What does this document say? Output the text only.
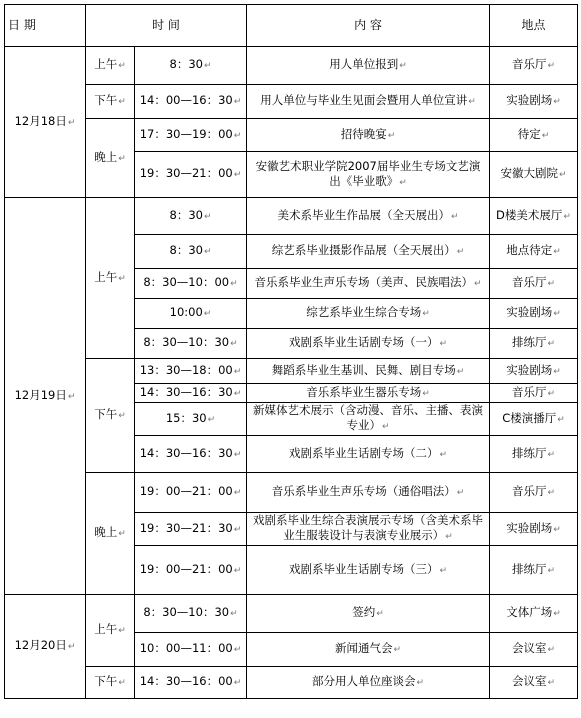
日 期	时 间		内 容	地点
12月18日↵	上午↵	8：30↵	用人单位报到↵	音乐厅↵
	下午↵	14：00—16：30↵	用人单位与毕业生见面会暨用人单位宣讲↵	实验剧场↵
	晚上↵	17：30—19：00↵	招待晚宴↵	待定↵
		19：30—21：00↵	安徽艺术职业学院2007届毕业生专场文艺演出《毕业歌》↵	安徽大剧院↵
12月19日↵	上午↵	8：30↵	美术系毕业生作品展（全天展出）↵	D楼美术展厅↵
		8：30↵	综艺系毕业摄影作品展（全天展出）↵	地点待定↵
		8：30—10：00↵	音乐系毕业生声乐专场（美声、民族唱法）↵	音乐厅↵
		10:00↵	综艺系毕业生综合专场↵	实验剧场↵
		8：30—10：30↵	戏剧系毕业生话剧专场（一）↵	排练厅↵
	下午↵	13：30—18：00↵	舞蹈系毕业生基训、民舞、剧目专场↵	实验剧场↵
		14：30—16：30↵	音乐系毕业生器乐专场↵	音乐厅↵
		15：30↵	新媒体艺术展示（含动漫、音乐、主播、表演专业）↵	C楼演播厅↵
		14：30—16：30↵	戏剧系毕业生话剧专场（二）↵	排练厅↵
	晚上↵	19：00—21：00↵	音乐系毕业生声乐专场（通俗唱法）↵	音乐厅↵
		19：30—21：30↵	戏剧系毕业生综合表演展示专场（含美术系毕业生服装设计与表演专业展示）↵	实验剧场↵
		19：00—21：00↵	戏剧系毕业生话剧专场（三）↵	排练厅↵
12月20日↵	上午↵	8：30—10：30↵	签约↵	文体广场↵
		10：00—11：00↵	新闻通气会↵	会议室↵
	下午↵	14：30—16：00↵	部分用人单位座谈会↵	会议室↵
